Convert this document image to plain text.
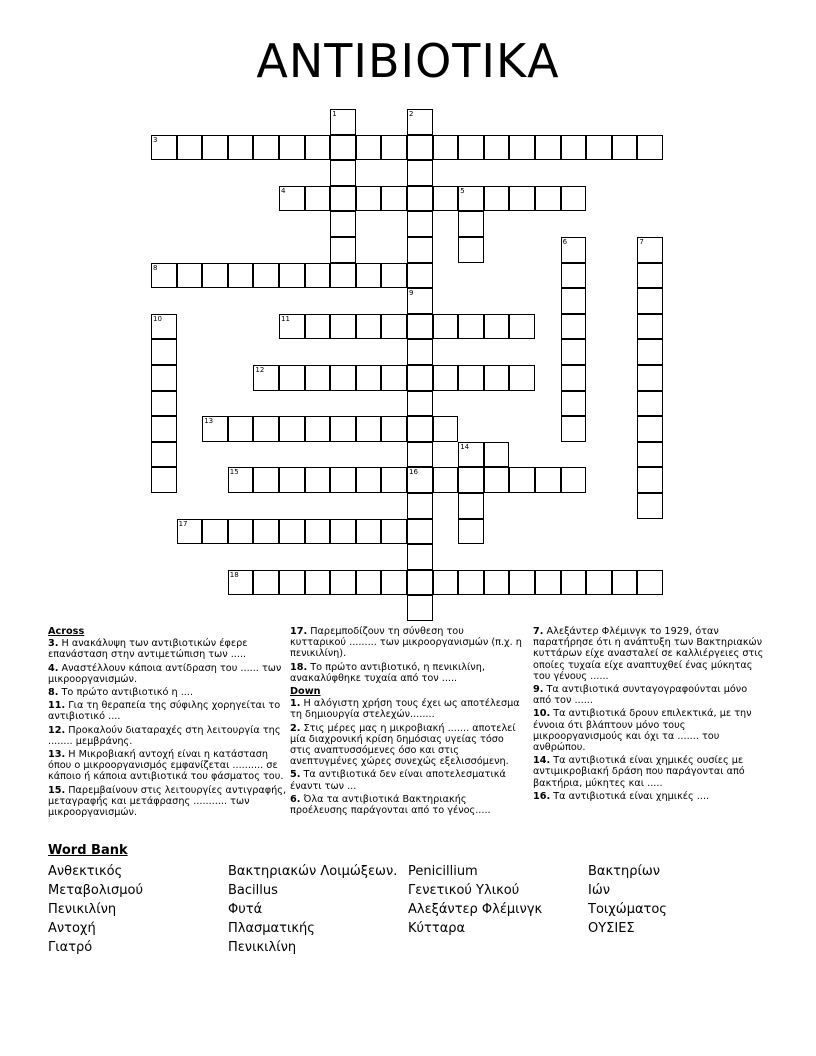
ΑΝΤΙΒΙΟΤΙΚΑ
3
1	2
9
16
4	5
6	7
8
10	11
12
13
14
15
17
18
Across

3. Η ανακάλυψη των αντιβιοτικών έφερε επανάσταση στην αντιμετώπιση των .....

4. Αναστέλλουν κάποια αντίδραση του ...... των μικροοργανισμών.

8. Το πρώτο αντιβιοτικό η ....

11. Για τη θεραπεία της σύφιλης χορηγείται το αντιβιοτικό ....

12. Προκαλούν διαταραχές στη λειτουργία της ........ μεμβράνης.

13. Η Μικροβιακή αντοχή είναι η κατάσταση όπου ο μικροοργανισμός εμφανίζεται .......... σε κάποιο ή κάποια αντιβιοτικά του φάσματος του.

15. Παρεμβαίνουν στις λειτουργίες αντιγραφής, μεταγραφής και μετάφρασης ........... των μικροοργανισμών.

17. Παρεμποδίζουν τη σύνθεση του κυτταρικού ......... των μικροοργανισμών (π.χ. η πενικιλίνη).

18. Το πρώτο αντιβιοτικό, η πενικιλίνη, ανακαλύφθηκε τυχαία από τον .....

Down

1. Η αλόγιστη χρήση τους έχει ως αποτέλεσμα τη δημιουργία στελεχών........

2. Στις μέρες μας η μικροβιακή ....... αποτελεί μία διαχρονική κρίση δημόσιας υγείας τόσο στις αναπτυσσόμενες όσο και στις ανεπτυγμένες χώρες συνεχώς εξελισσόμενη.

5. Τα αντιβιοτικά δεν είναι αποτελεσματικά έναντι των ...

6. Όλα τα αντιβιοτικά Βακτηριακής προέλευσης παράγονται από το γένος.....

7. Αλεξάντερ Φλέμινγκ το 1929, όταν παρατήρησε ότι η ανάπτυξη των Βακτηριακών κυττάρων είχε ανασταλεί σε καλλιέργειες στις οποίες τυχαία είχε αναπτυχθεί ένας μύκητας του γένους ......

9. Τα αντιβιοτικά συνταγογραφούνται μόνο από τον ......

10. Τα αντιβιοτικά δρουν επιλεκτικά, με την έννοια ότι βλάπτουν μόνο τους μικροοργανισμούς και όχι τα ....... του ανθρώπου.

14. Τα αντιβιοτικά είναι χημικές ουσίες με αντιμικροβιακή δράση που παράγονται από βακτήρια, μύκητες και .....

16. Τα αντιβιοτικά είναι χημικές ....

Word Bank
Ανθεκτικός
Μεταβολισμού
Πενικιλίνη
Αντοχή
Γιατρό
Βακτηριακών Λοιμώξεων.
Bacillus
Φυτά
Πλασματικής
Πενικιλίνη
Penicillium
Γενετικού Υλικού
Αλεξάντερ Φλέμινγκ
Κύτταρα
Βακτηρίων
Ιών
Τοιχώματος
ΟΥΣΙΕΣ
